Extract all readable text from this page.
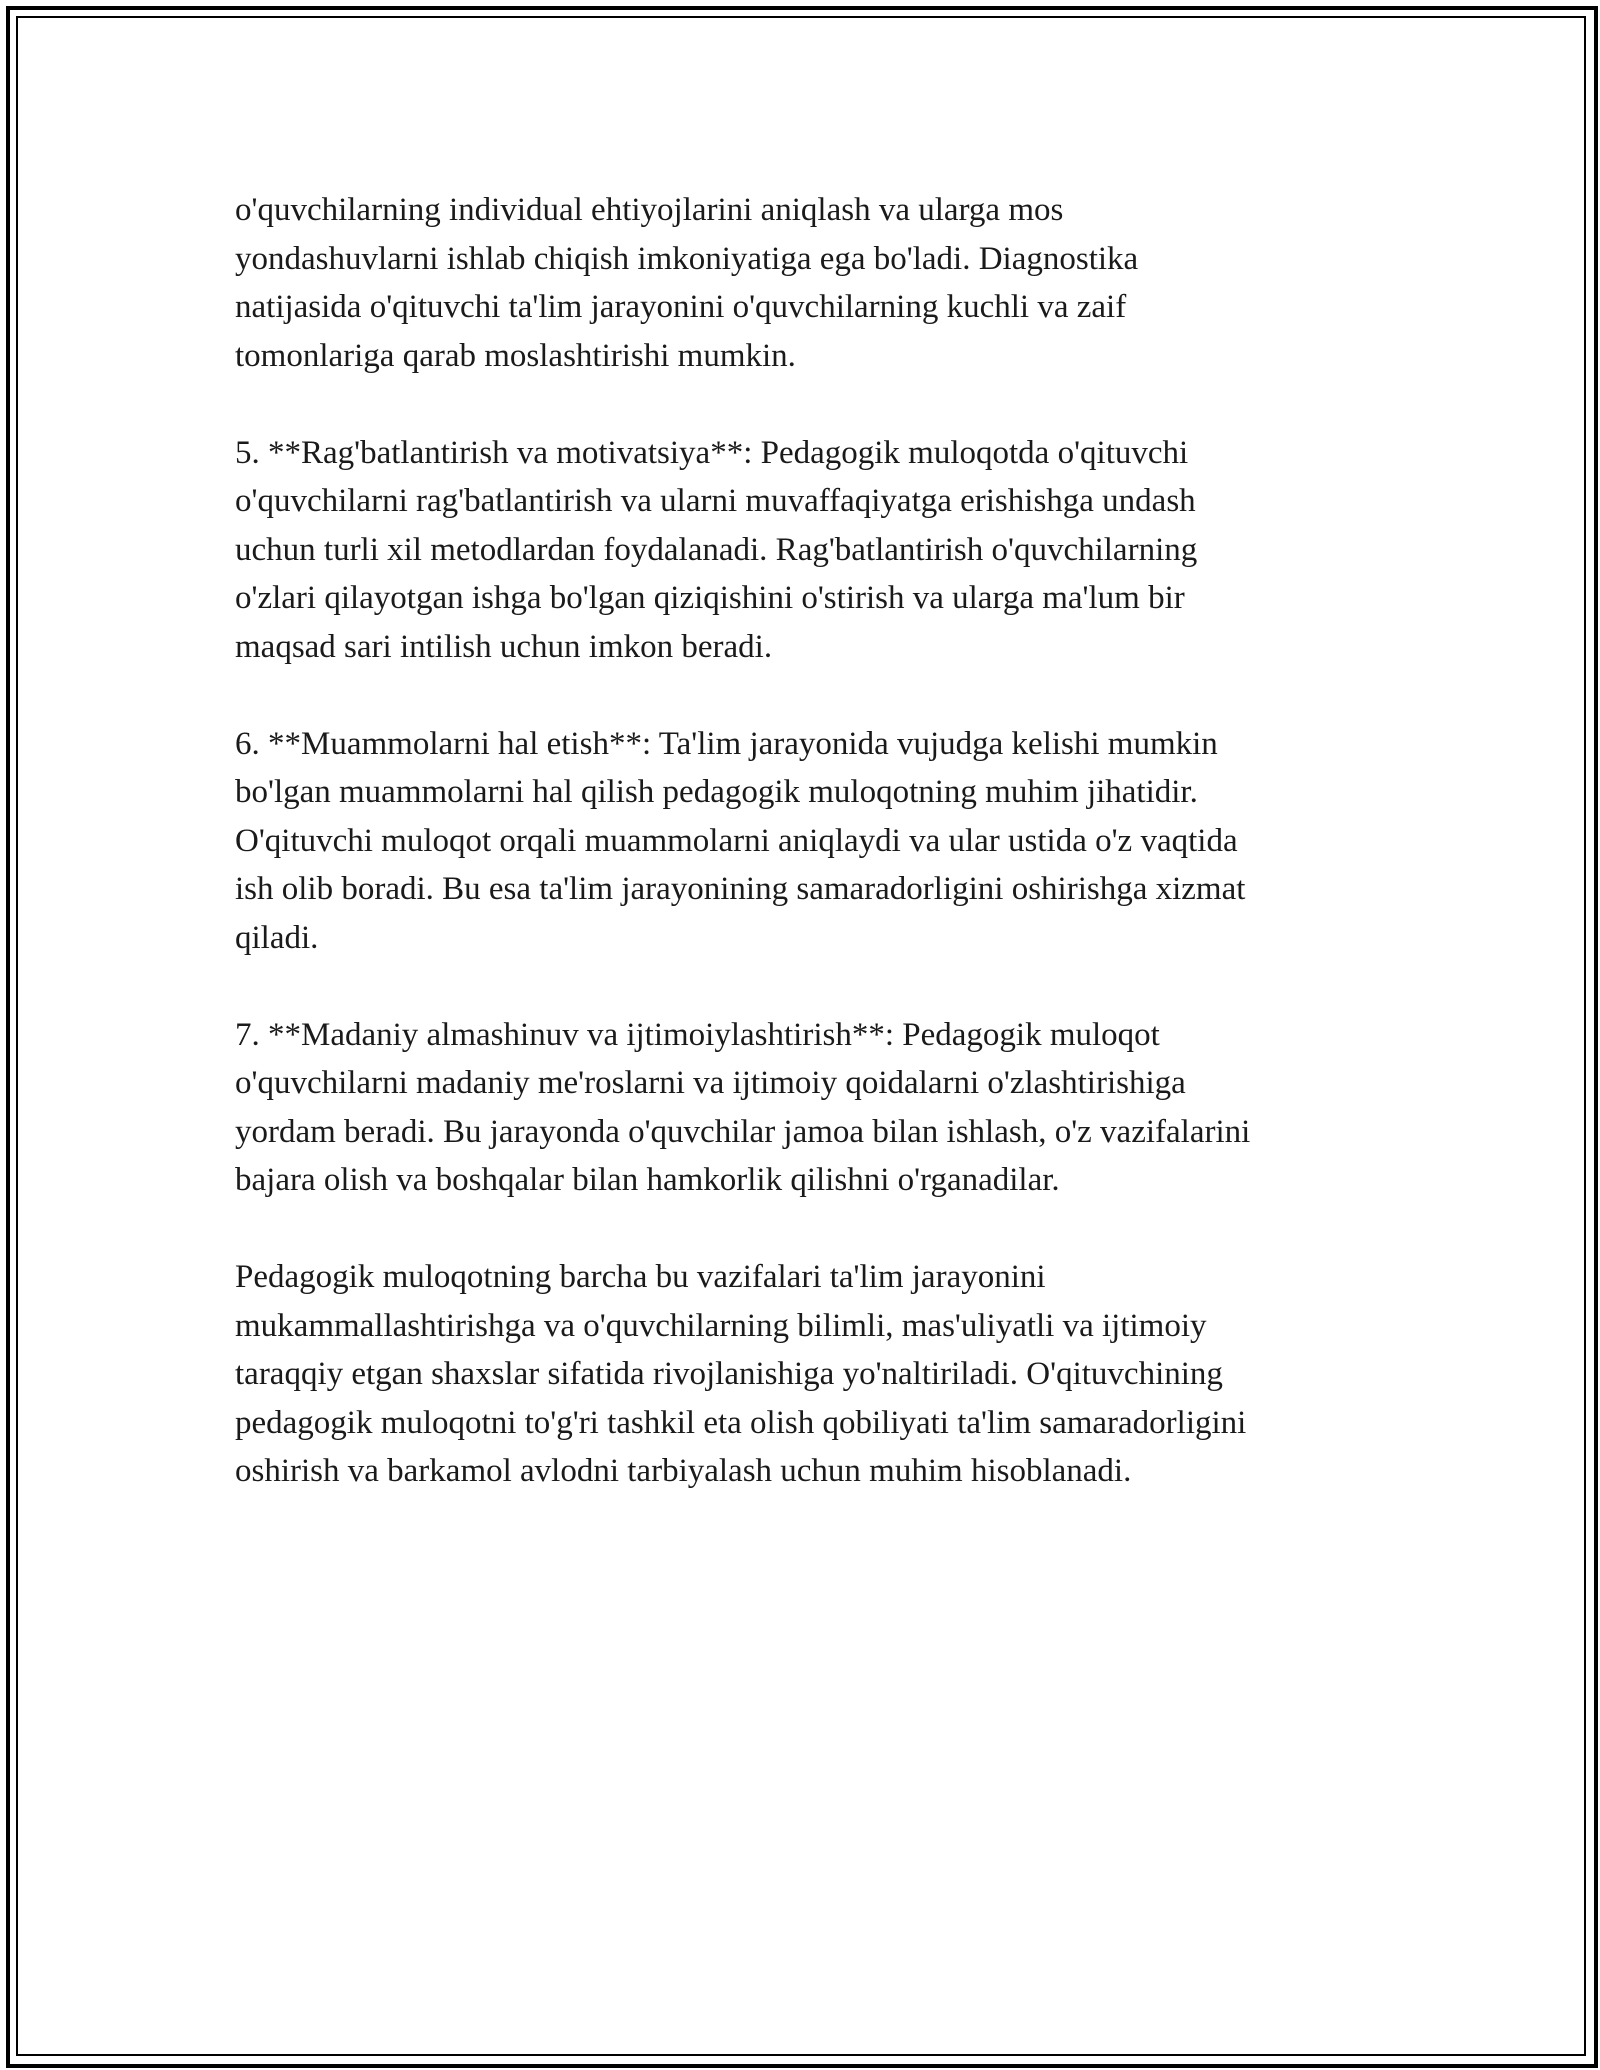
o'quvchilarning individual ehtiyojlarini aniqlash va ularga mos
yondashuvlarni ishlab chiqish imkoniyatiga ega bo'ladi. Diagnostika
natijasida o'qituvchi ta'lim jarayonini o'quvchilarning kuchli va zaif
tomonlariga qarab moslashtirishi mumkin.

5. **Rag'batlantirish va motivatsiya**: Pedagogik muloqotda o'qituvchi
o'quvchilarni rag'batlantirish va ularni muvaffaqiyatga erishishga undash
uchun turli xil metodlardan foydalanadi. Rag'batlantirish o'quvchilarning
o'zlari qilayotgan ishga bo'lgan qiziqishini o'stirish va ularga ma'lum bir
maqsad sari intilish uchun imkon beradi.

6. **Muammolarni hal etish**: Ta'lim jarayonida vujudga kelishi mumkin
bo'lgan muammolarni hal qilish pedagogik muloqotning muhim jihatidir.
O'qituvchi muloqot orqali muammolarni aniqlaydi va ular ustida o'z vaqtida
ish olib boradi. Bu esa ta'lim jarayonining samaradorligini oshirishga xizmat
qiladi.

7. **Madaniy almashinuv va ijtimoiylashtirish**: Pedagogik muloqot
o'quvchilarni madaniy me'roslarni va ijtimoiy qoidalarni o'zlashtirishiga
yordam beradi. Bu jarayonda o'quvchilar jamoa bilan ishlash, o'z vazifalarini
bajara olish va boshqalar bilan hamkorlik qilishni o'rganadilar.

Pedagogik muloqotning barcha bu vazifalari ta'lim jarayonini
mukammallashtirishga va o'quvchilarning bilimli, mas'uliyatli va ijtimoiy
taraqqiy etgan shaxslar sifatida rivojlanishiga yo'naltiriladi. O'qituvchining
pedagogik muloqotni to'g'ri tashkil eta olish qobiliyati ta'lim samaradorligini
oshirish va barkamol avlodni tarbiyalash uchun muhim hisoblanadi.
